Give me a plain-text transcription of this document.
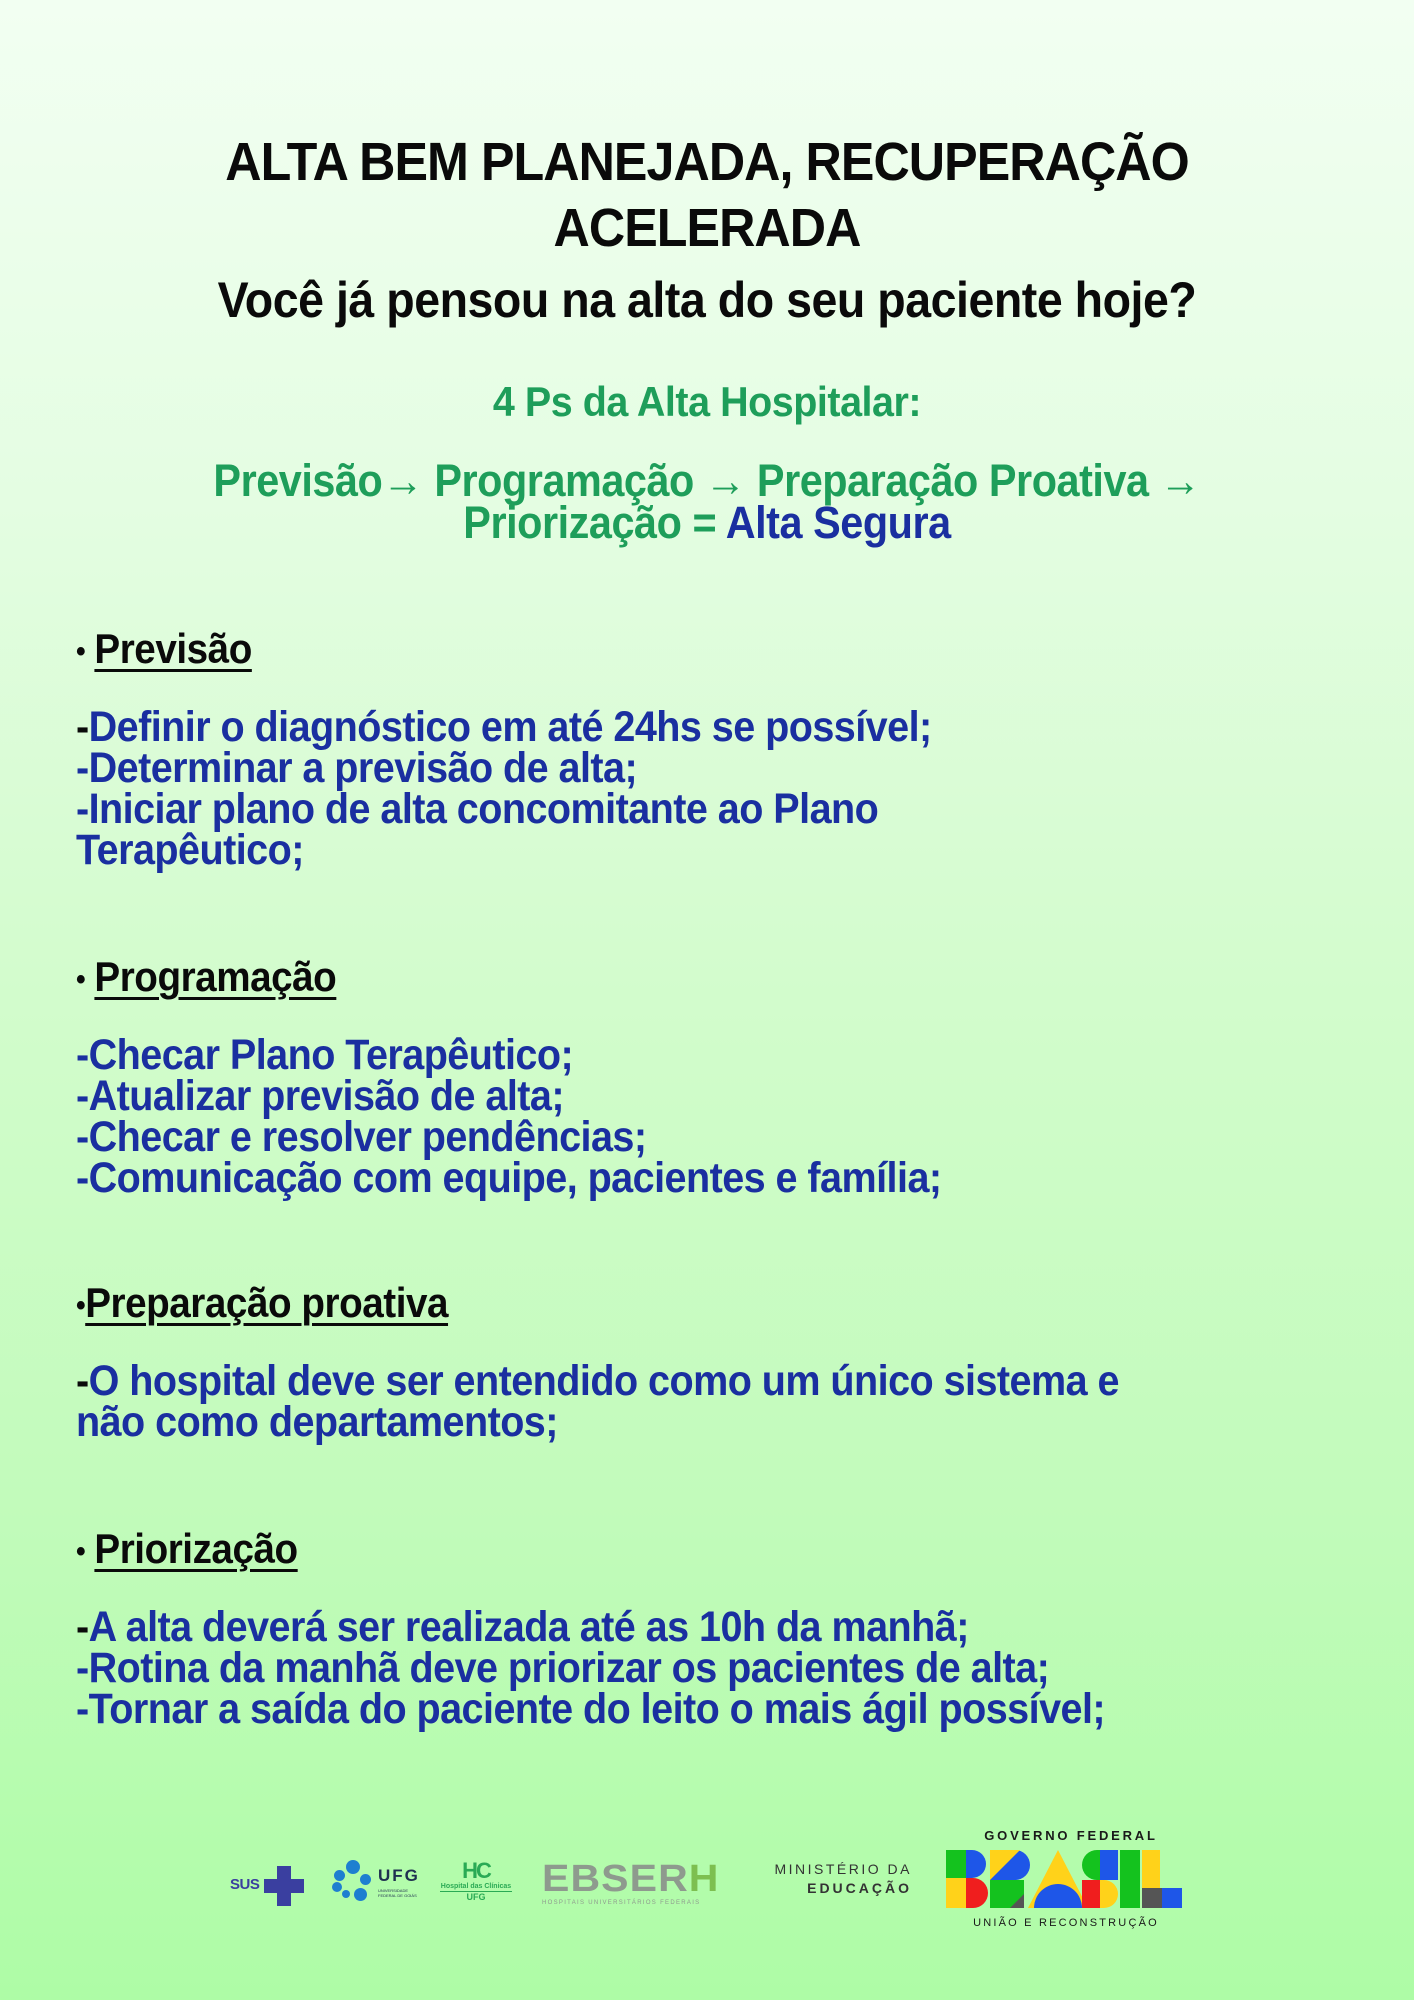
ALTA BEM PLANEJADA, RECUPERAÇÃO
ACELERADA
Você já pensou na alta do seu paciente hoje?
4 Ps da Alta Hospitalar:
Previsão→ Programação → Preparação Proativa →
Priorização = Alta Segura
• Previsão
-Definir o diagnóstico em até 24hs se possível;
-Determinar a previsão de alta;
-Iniciar plano de alta concomitante ao Plano
Terapêutico;
• Programação
-Checar Plano Terapêutico;
-Atualizar previsão de alta;
-Checar e resolver pendências;
-Comunicação com equipe, pacientes e família;
•Preparação proativa
-O hospital deve ser entendido como um único sistema e
não como departamentos;
• Priorização
-A alta deverá ser realizada até as 10h da manhã;
-Rotina da manhã deve priorizar os pacientes de alta;
-Tornar a saída do paciente do leito o mais ágil possível;
SUS	UFG
UNIVERSIDADE FEDERAL DE GOIÁS
HC
Hospital das Clínicas
UFG	EBSERH
HOSPITAIS UNIVERSITÁRIOS FEDERAIS
MINISTÉRIO DA
EDUCAÇÃO
GOVERNO FEDERAL
UNIÃO E RECONSTRUÇÃO
